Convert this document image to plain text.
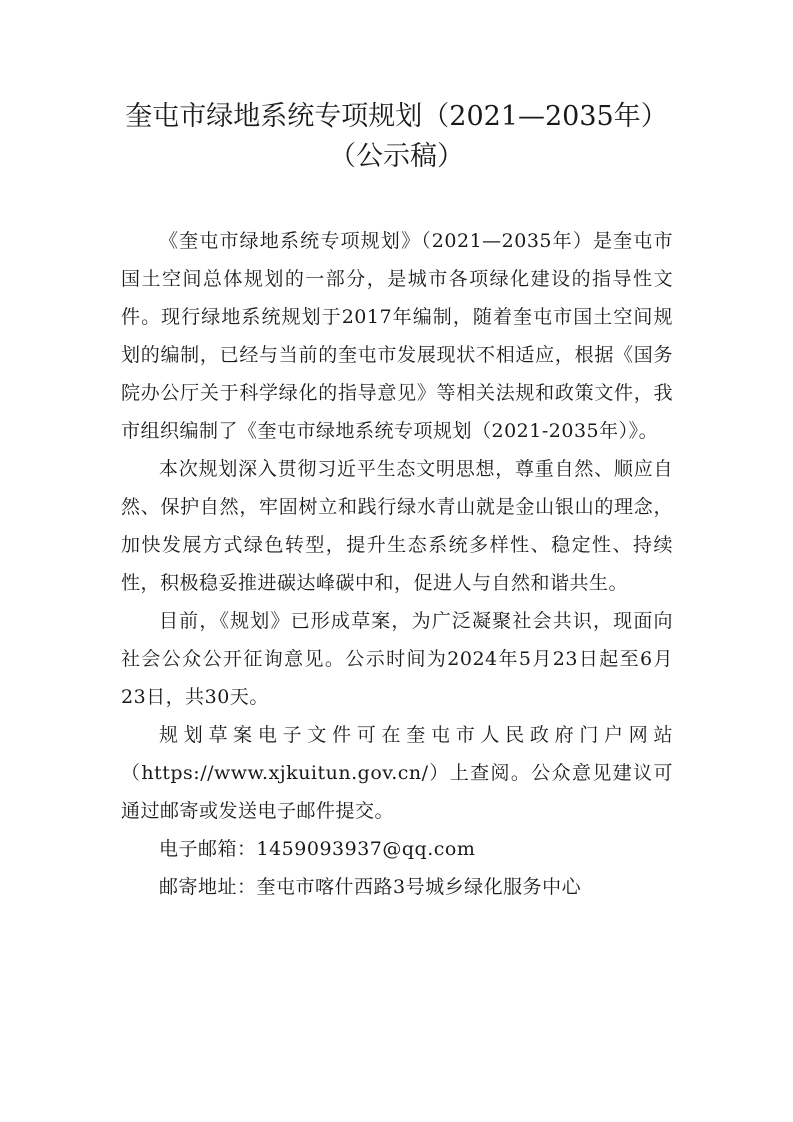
奎屯市绿地系统专项规划（2021—2035年）
（公示稿）

《奎屯市绿地系统专项规划》（2021—2035年）是奎屯市国土空间总体规划的一部分，是城市各项绿化建设的指导性文件。现行绿地系统规划于2017年编制，随着奎屯市国土空间规划的编制，已经与当前的奎屯市发展现状不相适应，根据《国务院办公厅关于科学绿化的指导意见》等相关法规和政策文件，我市组织编制了《奎屯市绿地系统专项规划（2021-2035年）》。

本次规划深入贯彻习近平生态文明思想，尊重自然、顺应自然、保护自然，牢固树立和践行绿水青山就是金山银山的理念，加快发展方式绿色转型，提升生态系统多样性、稳定性、持续性，积极稳妥推进碳达峰碳中和，促进人与自然和谐共生。

目前，《规划》已形成草案，为广泛凝聚社会共识，现面向社会公众公开征询意见。公示时间为2024年5月23日起至6月23日，共30天。

规划草案电子文件可在奎屯市人民政府门户网站（https://www.xjkuitun.gov.cn/）上查阅。公众意见建议可通过邮寄或发送电子邮件提交。

电子邮箱：1459093937@qq.com

邮寄地址：奎屯市喀什西路3号城乡绿化服务中心
